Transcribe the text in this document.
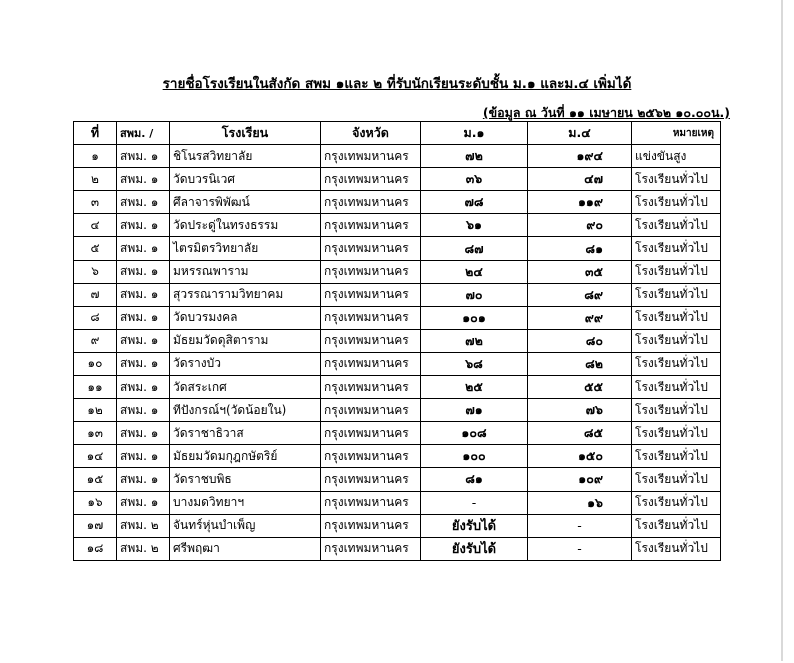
รายชื่อโรงเรียนในสังกัด สพม ๑และ ๒ ที่รับนักเรียนระดับชั้น ม.๑ และม.๔ เพิ่มได้
(ข้อมูล ณ วันที่ ๑๑ เมษายน ๒๕๖๒ ๑๐.๐๐น.)
ที่	สพม. /	โรงเรียน	จังหวัด	ม.๑	ม.๔	หมายเหตุ
๑	สพม. ๑	ชิโนรสวิทยาลัย	กรุงเทพมหานคร	๗๒	๑๙๔	แข่งขันสูง
๒	สพม. ๑	วัดบวรนิเวศ	กรุงเทพมหานคร	๓๖	๔๗	โรงเรียนทั่วไป
๓	สพม. ๑	ศึลาจารพิพัฒน์	กรุงเทพมหานคร	๗๘	๑๑๙	โรงเรียนทั่วไป
๔	สพม. ๑	วัดประดู่ในทรงธรรม	กรุงเทพมหานคร	๖๑	๙๐	โรงเรียนทั่วไป
๕	สพม. ๑	ไตรมิตรวิทยาลัย	กรุงเทพมหานคร	๘๗	๘๑	โรงเรียนทั่วไป
๖	สพม. ๑	มหรรณพาราม	กรุงเทพมหานคร	๒๔	๓๕	โรงเรียนทั่วไป
๗	สพม. ๑	สุวรรณารามวิทยาคม	กรุงเทพมหานคร	๗๐	๘๙	โรงเรียนทั่วไป
๘	สพม. ๑	วัดบวรมงคล	กรุงเทพมหานคร	๑๐๑	๙๙	โรงเรียนทั่วไป
๙	สพม. ๑	มัธยมวัดดุสิตาราม	กรุงเทพมหานคร	๗๒	๘๐	โรงเรียนทั่วไป
๑๐	สพม. ๑	วัดรางบัว	กรุงเทพมหานคร	๖๘	๘๒	โรงเรียนทั่วไป
๑๑	สพม. ๑	วัดสระเกศ	กรุงเทพมหานคร	๒๕	๕๕	โรงเรียนทั่วไป
๑๒	สพม. ๑	ทีปังกรณ์ฯ(วัดน้อยใน)	กรุงเทพมหานคร	๗๑	๗๖	โรงเรียนทั่วไป
๑๓	สพม. ๑	วัดราชาธิวาส	กรุงเทพมหานคร	๑๐๘	๘๕	โรงเรียนทั่วไป
๑๔	สพม. ๑	มัธยมวัดมกุฎกษัตริย์	กรุงเทพมหานคร	๑๐๐	๑๕๐	โรงเรียนทั่วไป
๑๕	สพม. ๑	วัดราชบพิธ	กรุงเทพมหานคร	๘๑	๑๐๙	โรงเรียนทั่วไป
๑๖	สพม. ๑	บางมดวิทยาฯ	กรุงเทพมหานคร	-	๑๖	โรงเรียนทั่วไป
๑๗	สพม. ๒	จันทร์หุ่นบำเพ็ญ	กรุงเทพมหานคร	ยังรับได้	-	โรงเรียนทั่วไป
๑๘	สพม. ๒	ศรีพฤฒา	กรุงเทพมหานคร	ยังรับได้	-	โรงเรียนทั่วไป
